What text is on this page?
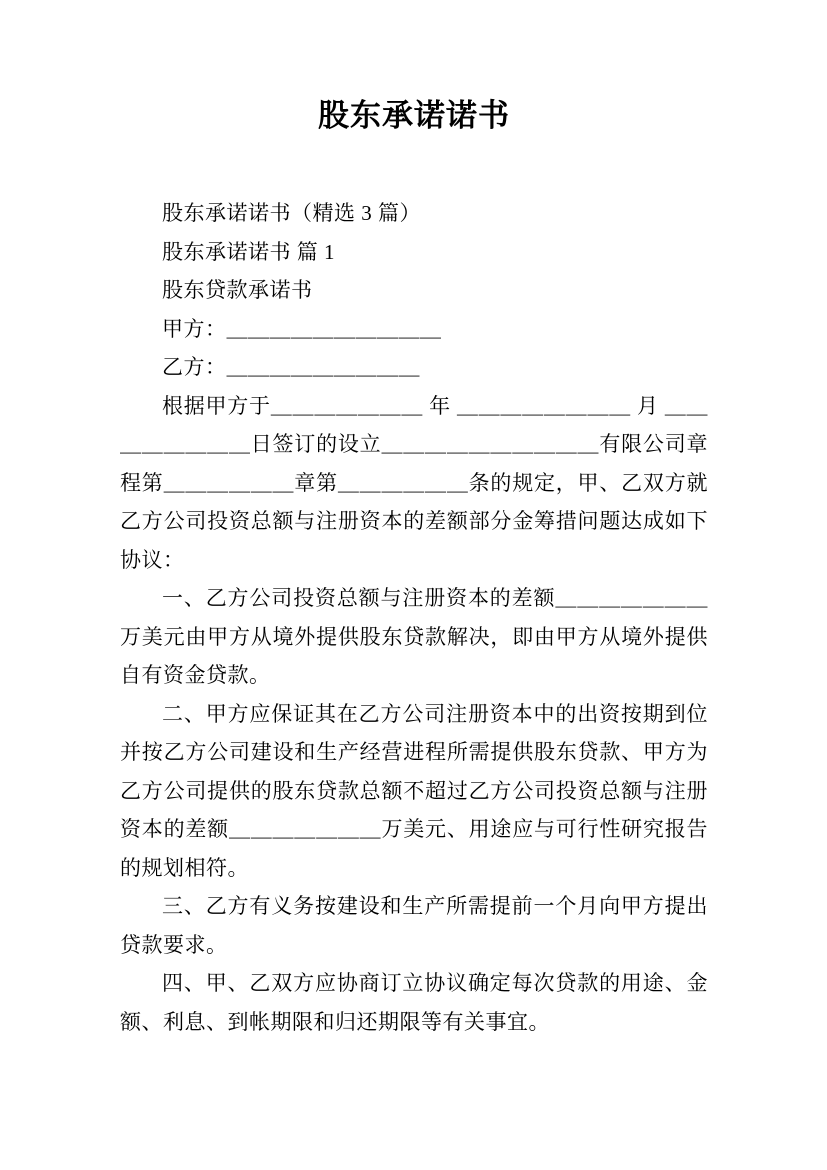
股东承诺诺书

股东承诺诺书（精选 3 篇）

股东承诺诺书 篇 1

股东贷款承诺书

甲方：＿＿＿＿＿＿＿＿＿＿

乙方：＿＿＿＿＿＿＿＿＿

根据甲方于＿＿＿＿＿＿＿ 年 ＿＿＿＿＿＿＿＿ 月 ＿＿＿＿＿＿＿＿日签订的设立＿＿＿＿＿＿＿＿＿＿有限公司章程第＿＿＿＿＿＿章第＿＿＿＿＿＿条的规定，甲、乙双方就乙方公司投资总额与注册资本的差额部分金筹措问题达成如下协议：

一、乙方公司投资总额与注册资本的差额＿＿＿＿＿＿＿万美元由甲方从境外提供股东贷款解决，即由甲方从境外提供自有资金贷款。

二、甲方应保证其在乙方公司注册资本中的出资按期到位并按乙方公司建设和生产经营进程所需提供股东贷款、甲方为乙方公司提供的股东贷款总额不超过乙方公司投资总额与注册资本的差额＿＿＿＿＿＿＿万美元、用途应与可行性研究报告的规划相符。

三、乙方有义务按建设和生产所需提前一个月向甲方提出贷款要求。

四、甲、乙双方应协商订立协议确定每次贷款的用途、金额、利息、到帐期限和归还期限等有关事宜。
